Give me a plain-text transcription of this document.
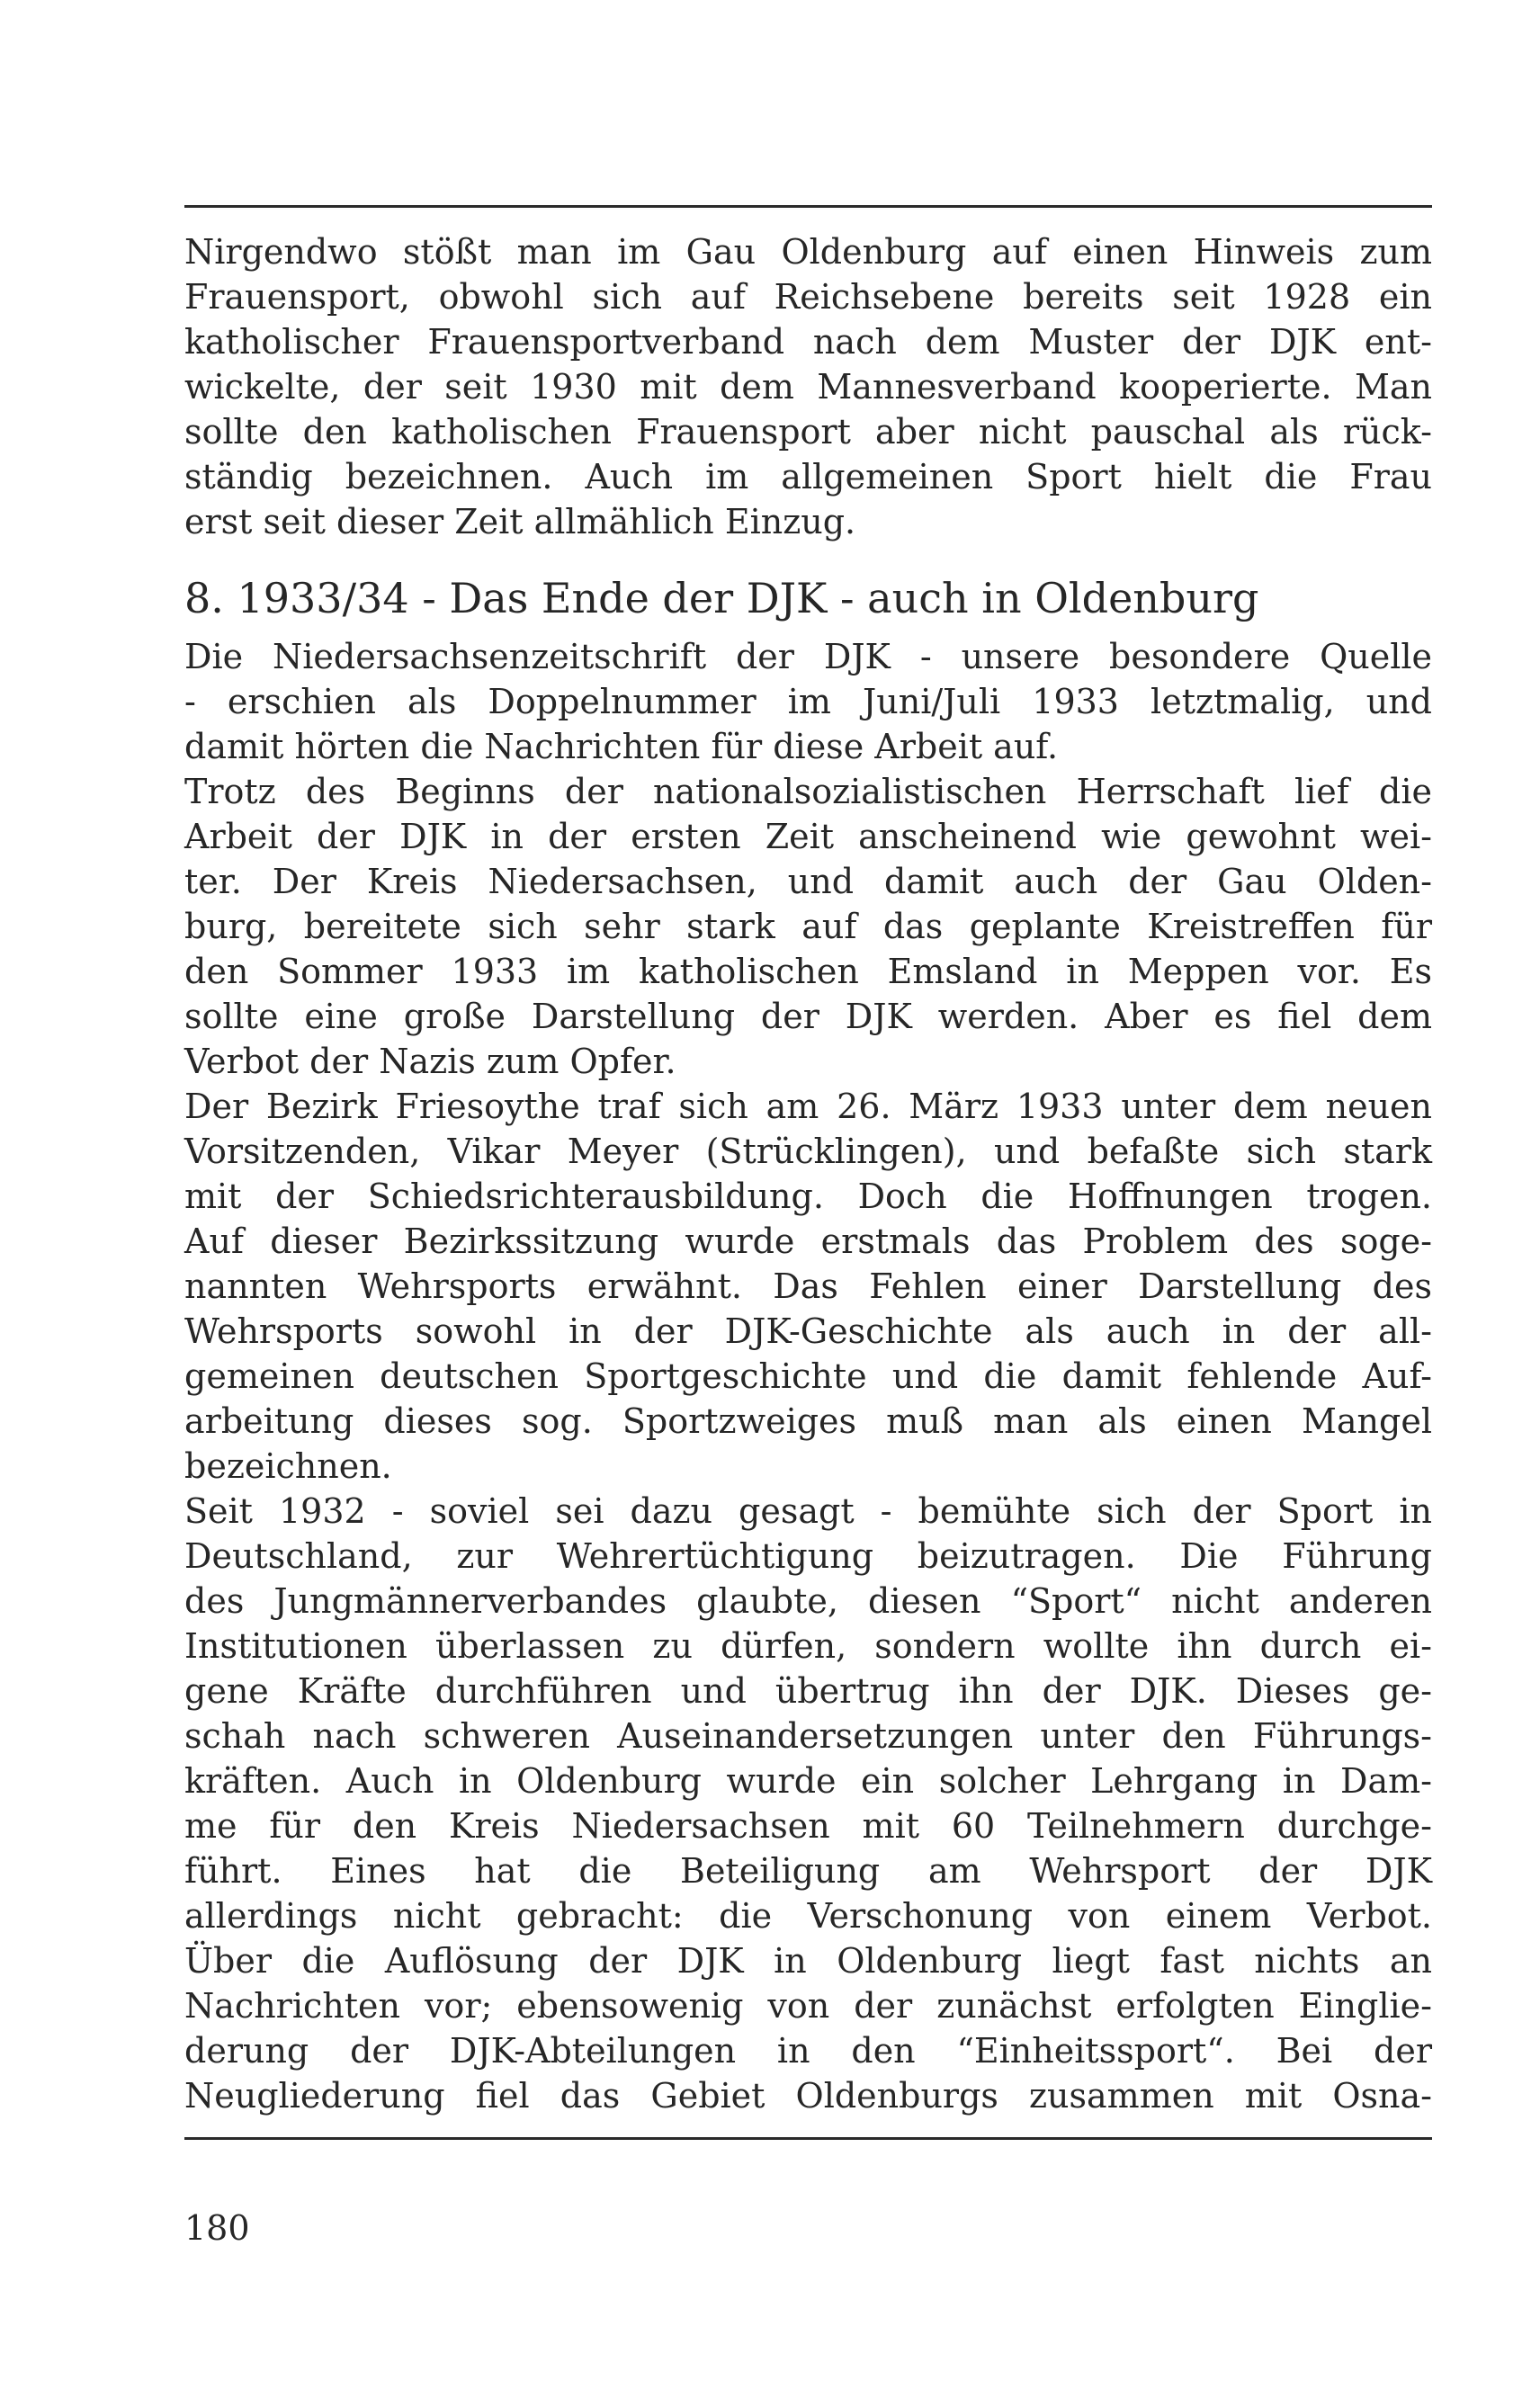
Nirgendwo stößt man im Gau Oldenburg auf einen Hinweis zum
Frauensport, obwohl sich auf Reichsebene bereits seit 1928 ein
katholischer Frauensportverband nach dem Muster der DJK ent-
wickelte, der seit 1930 mit dem Mannesverband kooperierte. Man
sollte den katholischen Frauensport aber nicht pauschal als rück-
ständig bezeichnen. Auch im allgemeinen Sport hielt die Frau
erst seit dieser Zeit allmählich Einzug.
8. 1933/34 - Das Ende der DJK - auch in Oldenburg
Die Niedersachsenzeitschrift der DJK - unsere besondere Quelle
- erschien als Doppelnummer im Juni/Juli 1933 letztmalig, und
damit hörten die Nachrichten für diese Arbeit auf.
Trotz des Beginns der nationalsozialistischen Herrschaft lief die
Arbeit der DJK in der ersten Zeit anscheinend wie gewohnt wei-
ter. Der Kreis Niedersachsen, und damit auch der Gau Olden-
burg, bereitete sich sehr stark auf das geplante Kreistreffen für
den Sommer 1933 im katholischen Emsland in Meppen vor. Es
sollte eine große Darstellung der DJK werden. Aber es fiel dem
Verbot der Nazis zum Opfer.
Der Bezirk Friesoythe traf sich am 26. März 1933 unter dem neuen
Vorsitzenden, Vikar Meyer (Strücklingen), und befaßte sich stark
mit der Schiedsrichterausbildung. Doch die Hoffnungen trogen.
Auf dieser Bezirkssitzung wurde erstmals das Problem des soge-
nannten Wehrsports erwähnt. Das Fehlen einer Darstellung des
Wehrsports sowohl in der DJK-Geschichte als auch in der all-
gemeinen deutschen Sportgeschichte und die damit fehlende Auf-
arbeitung dieses sog. Sportzweiges muß man als einen Mangel
bezeichnen.
Seit 1932 - soviel sei dazu gesagt - bemühte sich der Sport in
Deutschland, zur Wehrertüchtigung beizutragen. Die Führung
des Jungmännerverbandes glaubte, diesen “Sport“ nicht anderen
Institutionen überlassen zu dürfen, sondern wollte ihn durch ei-
gene Kräfte durchführen und übertrug ihn der DJK. Dieses ge-
schah nach schweren Auseinandersetzungen unter den Führungs-
kräften. Auch in Oldenburg wurde ein solcher Lehrgang in Dam-
me für den Kreis Niedersachsen mit 60 Teilnehmern durchge-
führt. Eines hat die Beteiligung am Wehrsport der DJK
allerdings nicht gebracht: die Verschonung von einem Verbot.
Über die Auflösung der DJK in Oldenburg liegt fast nichts an
Nachrichten vor; ebensowenig von der zunächst erfolgten Einglie-
derung der DJK-Abteilungen in den “Einheitssport“. Bei der
Neugliederung fiel das Gebiet Oldenburgs zusammen mit Osna-
180
